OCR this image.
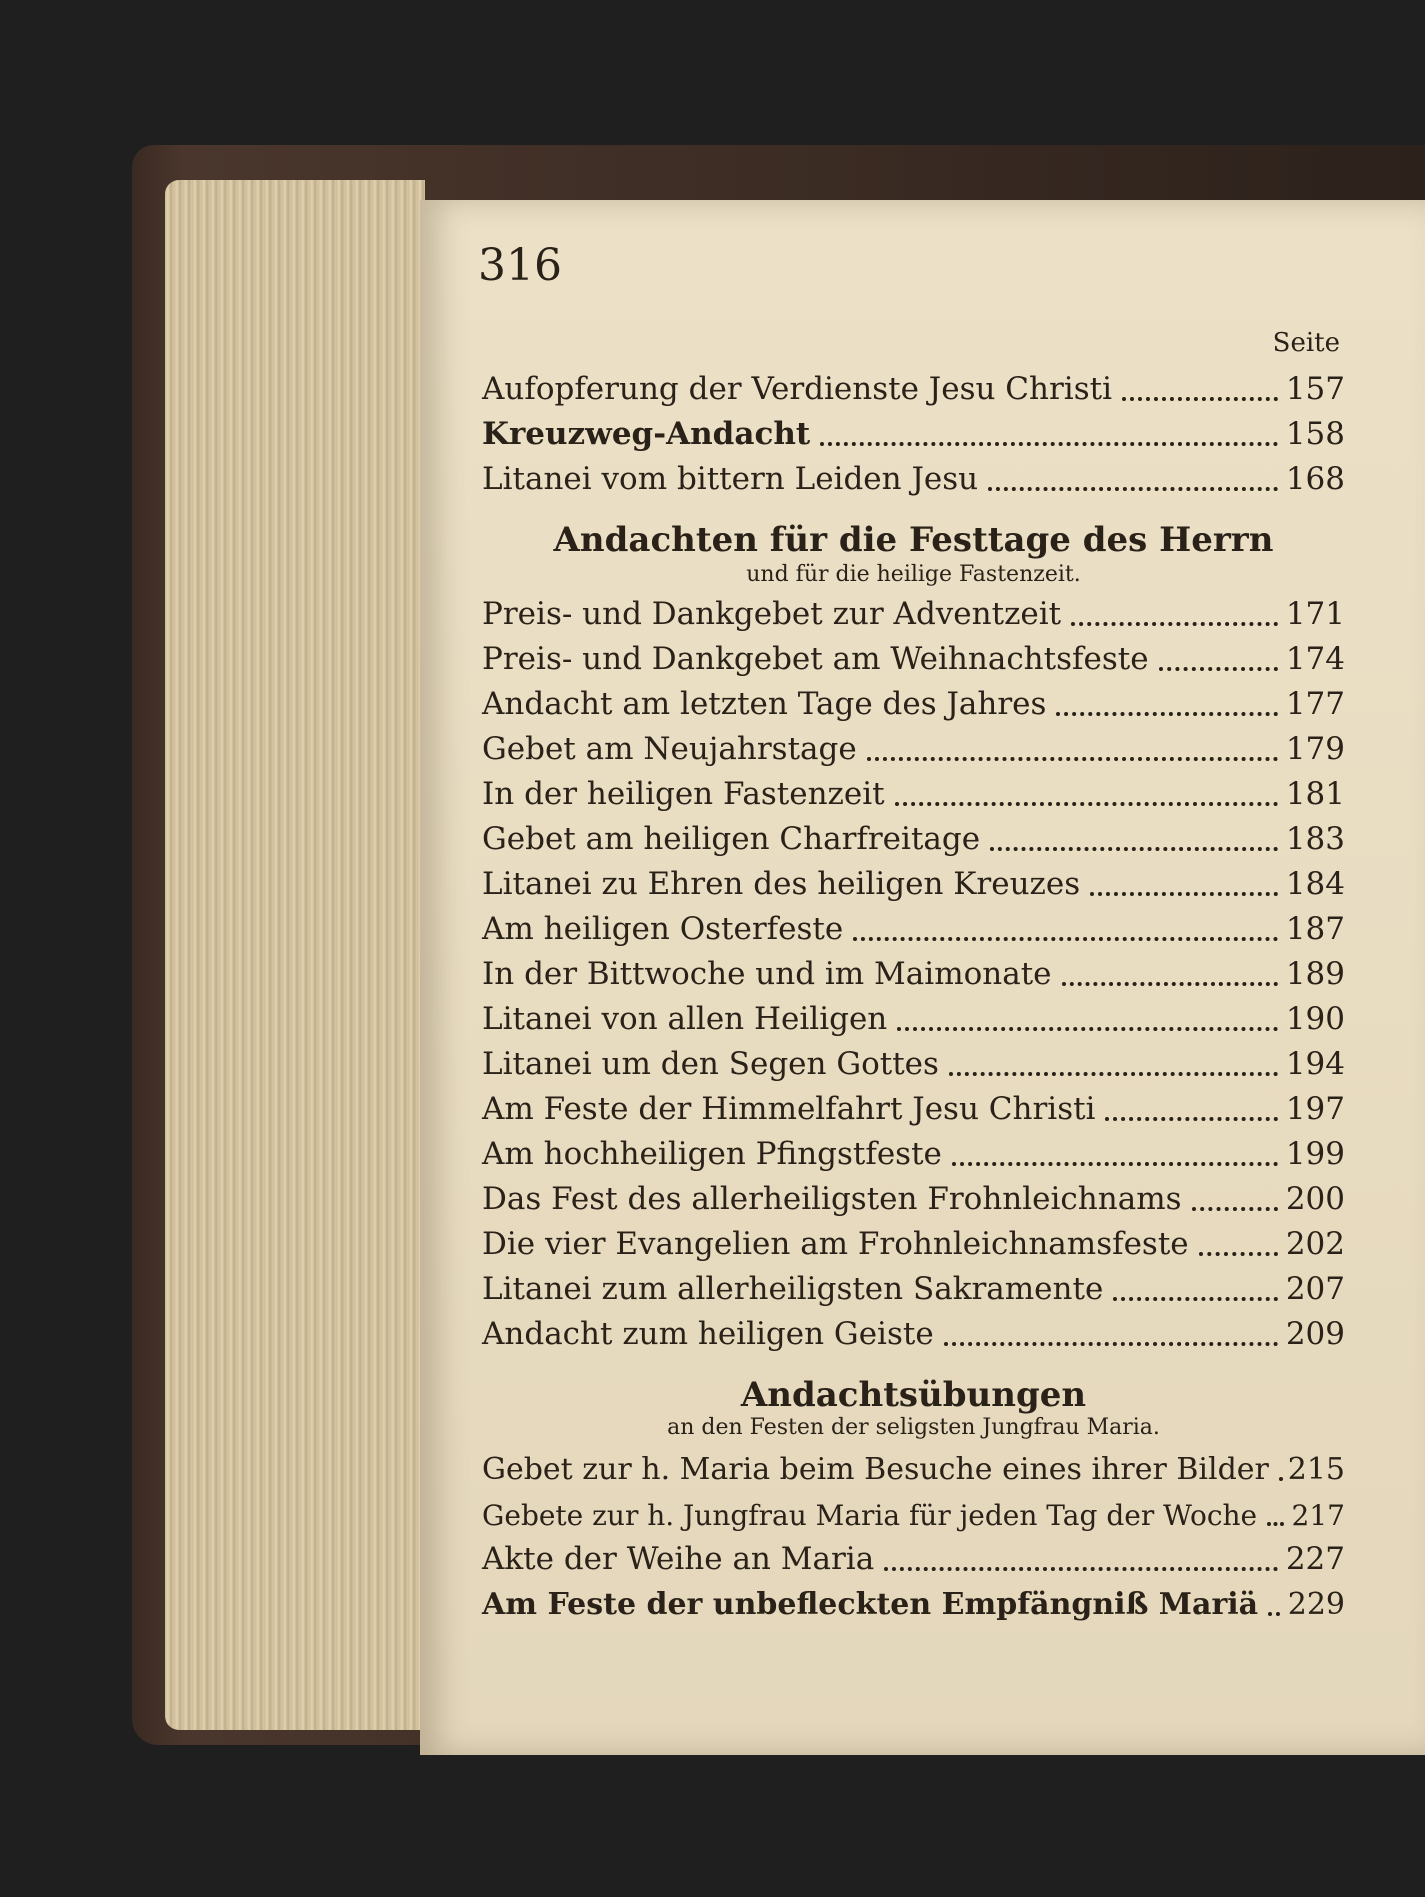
316
Seite
Aufopferung der Verdienste Jesu Christi	157
Kreuzweg-Andacht	158
Litanei vom bittern Leiden Jesu	168
Andachten für die Festtage des Herrn
und für die heilige Fastenzeit.
Preis- und Dankgebet zur Adventzeit	171
Preis- und Dankgebet am Weihnachtsfeste	174
Andacht am letzten Tage des Jahres	177
Gebet am Neujahrstage	179
In der heiligen Fastenzeit	181
Gebet am heiligen Charfreitage	183
Litanei zu Ehren des heiligen Kreuzes	184
Am heiligen Osterfeste	187
In der Bittwoche und im Maimonate	189
Litanei von allen Heiligen	190
Litanei um den Segen Gottes	194
Am Feste der Himmelfahrt Jesu Christi	197
Am hochheiligen Pfingstfeste	199
Das Fest des allerheiligsten Frohnleichnams	200
Die vier Evangelien am Frohnleichnamsfeste	202
Litanei zum allerheiligsten Sakramente	207
Andacht zum heiligen Geiste	209
Andachtsübungen
an den Festen der seligsten Jungfrau Maria.
Gebet zur h. Maria beim Besuche eines ihrer Bilder 215
Gebete zur h. Jungfrau Maria für jeden Tag der Woche 217
Akte der Weihe an Maria	227
Am Feste der unbefleckten Empfängniß Mariä 229
